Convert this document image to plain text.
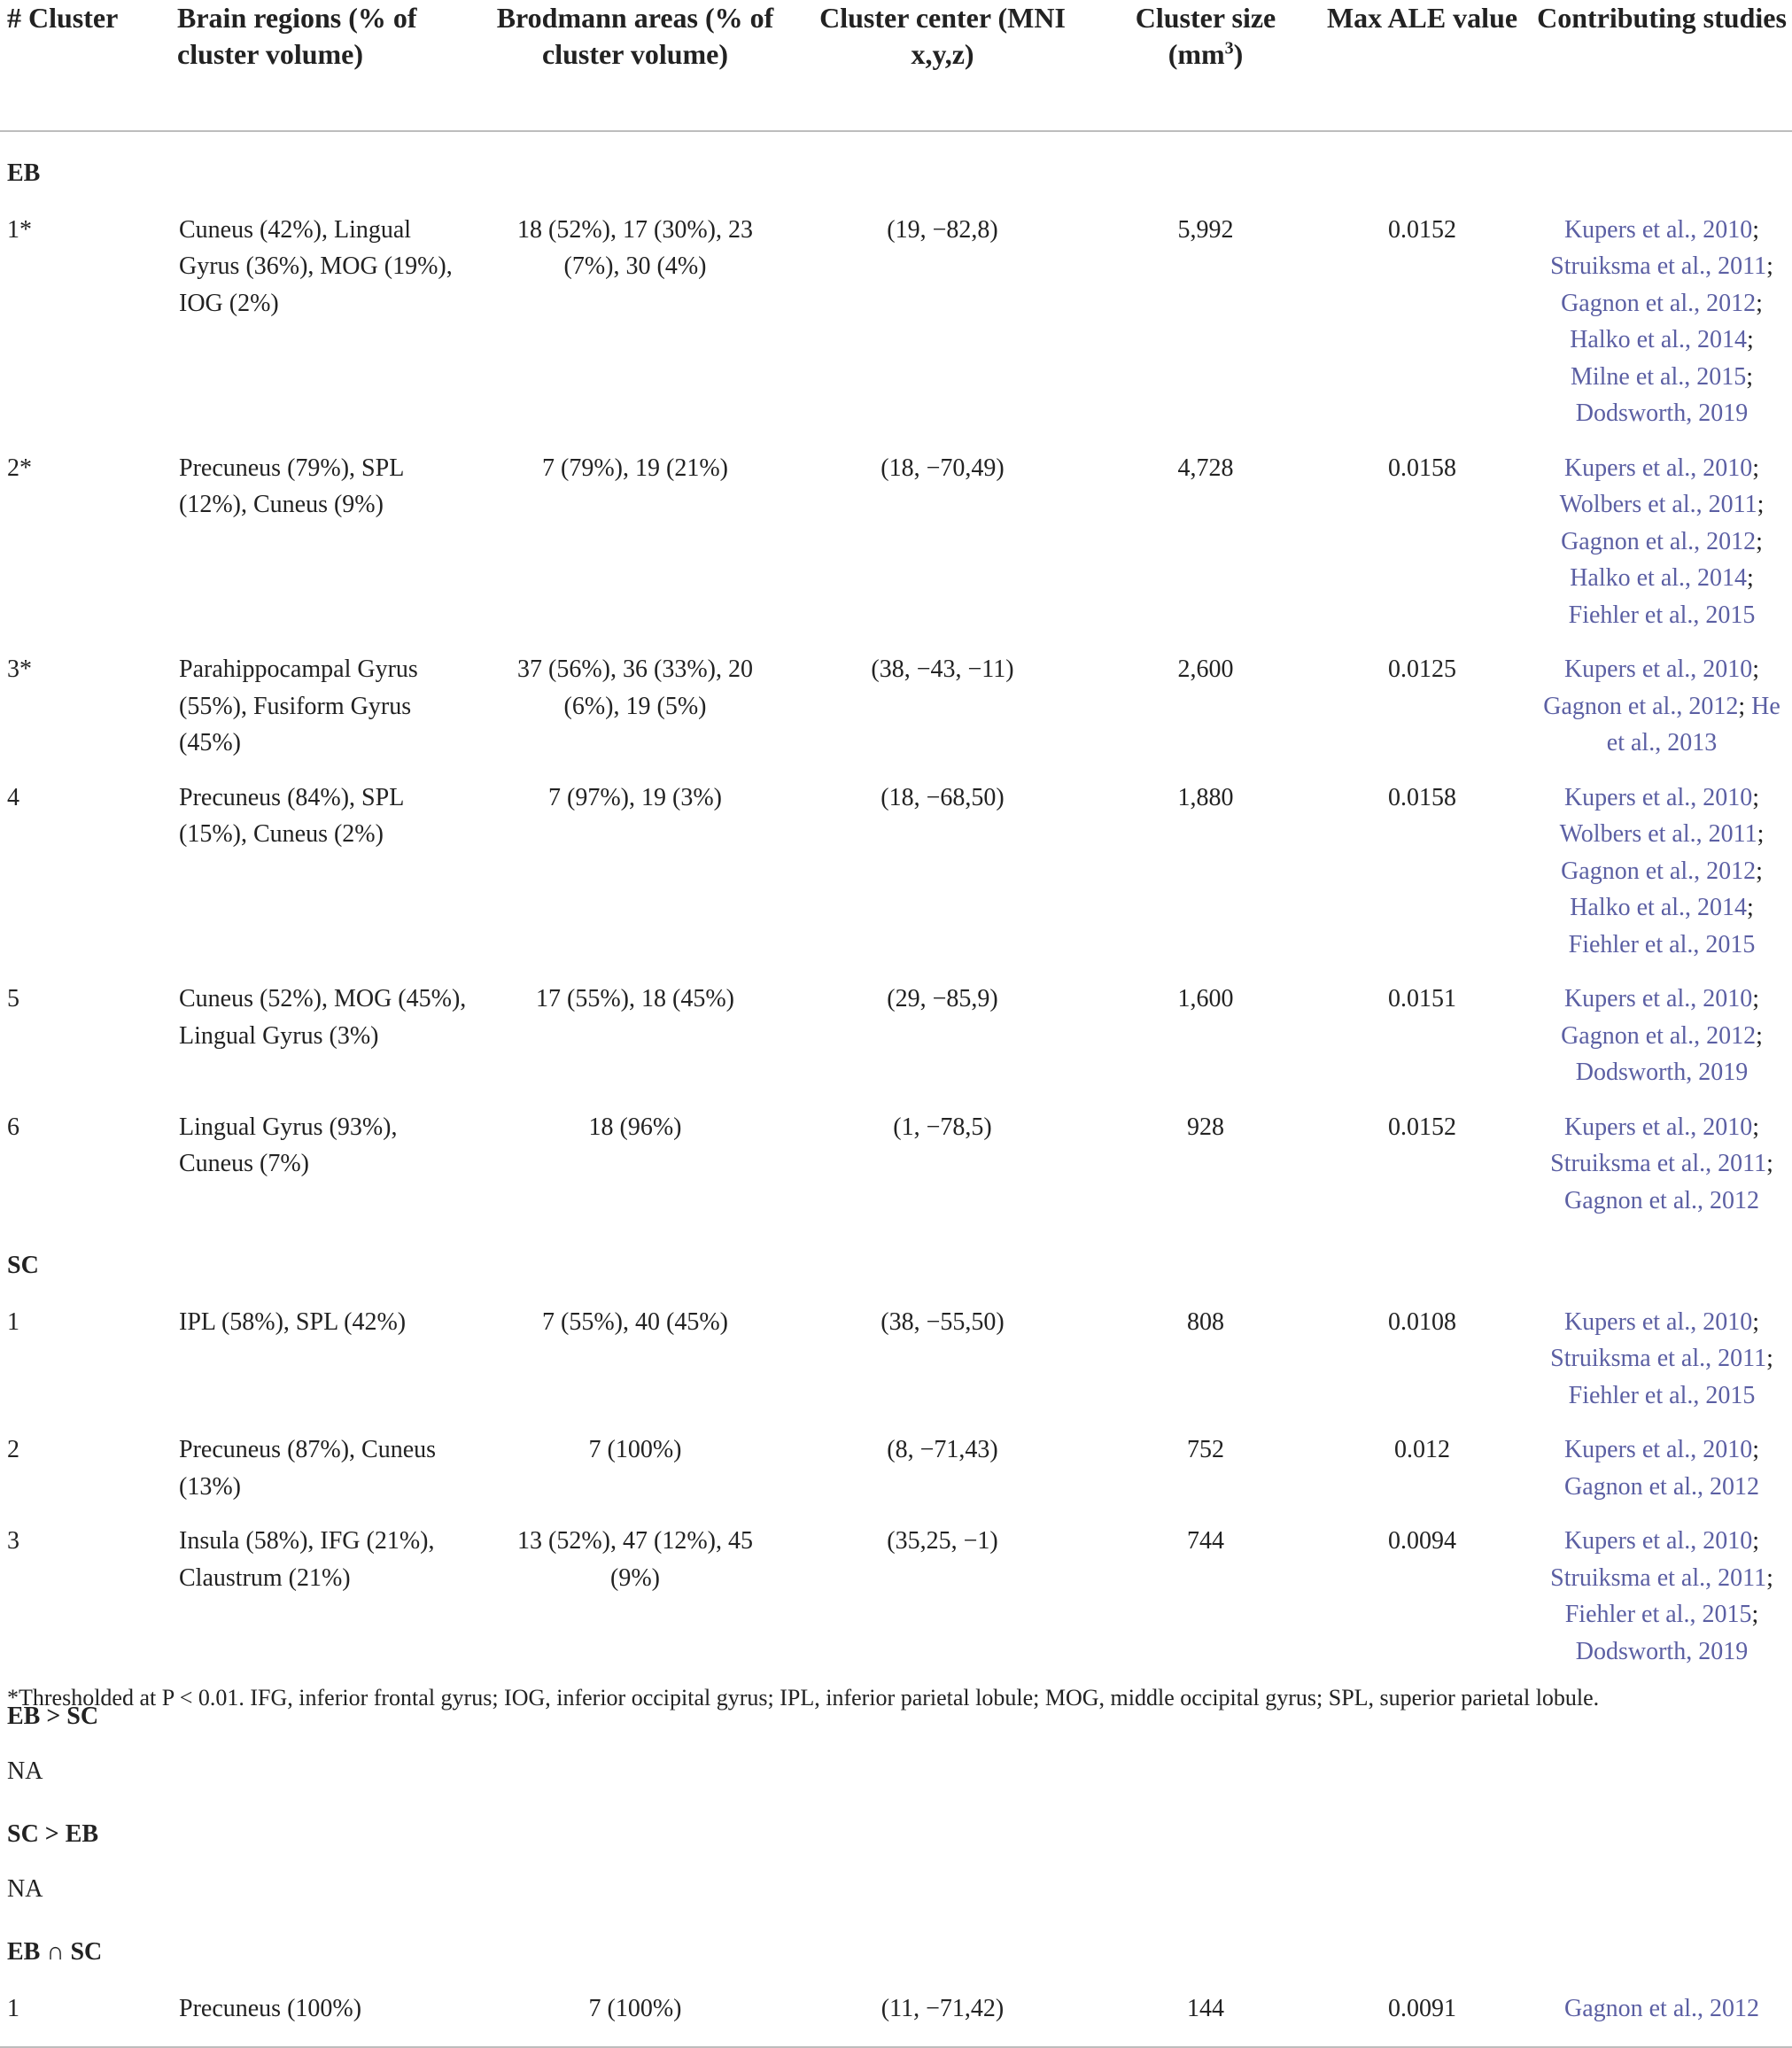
# Cluster	Brain regions (% of cluster volume)	Brodmann areas (% of cluster volume)	Cluster center (MNI x,y,z)	Cluster size $(mm^3)$	Max ALE value	Contributing studies
EB						
1*	Cuneus (42%), Lingual Gyrus (36%), MOG (19%), IOG (2%)	18 (52%), 17 (30%), 23 (7%), 30 (4%)	(19, −82,8)	5,992	0.0152	Kupers et al., 2010; Struiksma et al., 2011; Gagnon et al., 2012; Halko et al., 2014; Milne et al., 2015; Dodsworth, 2019
2*	Precuneus (79%), SPL (12%), Cuneus (9%)	7 (79%), 19 (21%)	(18, −70,49)	4,728	0.0158	Kupers et al., 2010; Wolbers et al., 2011; Gagnon et al., 2012; Halko et al., 2014; Fiehler et al., 2015
3*	Parahippocampal Gyrus (55%), Fusiform Gyrus (45%)	37 (56%), 36 (33%), 20 (6%), 19 (5%)	(38, −43, −11)	2,600	0.0125	Kupers et al., 2010; Gagnon et al., 2012; He et al., 2013
4	Precuneus (84%), SPL (15%), Cuneus (2%)	7 (97%), 19 (3%)	(18, −68,50)	1,880	0.0158	Kupers et al., 2010; Wolbers et al., 2011; Gagnon et al., 2012; Halko et al., 2014; Fiehler et al., 2015
5	Cuneus (52%), MOG (45%), Lingual Gyrus (3%)	17 (55%), 18 (45%)	(29, −85,9)	1,600	0.0151	Kupers et al., 2010; Gagnon et al., 2012; Dodsworth, 2019
6	Lingual Gyrus (93%), Cuneus (7%)	18 (96%)	(1, −78,5)	928	0.0152	Kupers et al., 2010; Struiksma et al., 2011; Gagnon et al., 2012
SC						
1	IPL (58%), SPL (42%)	7 (55%), 40 (45%)	(38, −55,50)	808	0.0108	Kupers et al., 2010; Struiksma et al., 2011; Fiehler et al., 2015
2	Precuneus (87%), Cuneus (13%)	7 (100%)	(8, −71,43)	752	0.012	Kupers et al., 2010; Gagnon et al., 2012
3	Insula (58%), IFG (21%), Claustrum (21%)	13 (52%), 47 (12%), 45 (9%)	(35,25, −1)	744	0.0094	Kupers et al., 2010; Struiksma et al., 2011; Fiehler et al., 2015; Dodsworth, 2019
EB > SC						
NA						
SC > EB						
NA						
EB ∩ SC						
1	Precuneus (100%)	7 (100%)	(11, −71,42)	144	0.0091	Gagnon et al., 2012
*Thresholded at P < 0.01. IFG, inferior frontal gyrus; IOG, inferior occipital gyrus; IPL, inferior parietal lobule; MOG, middle occipital gyrus; SPL, superior parietal lobule.
